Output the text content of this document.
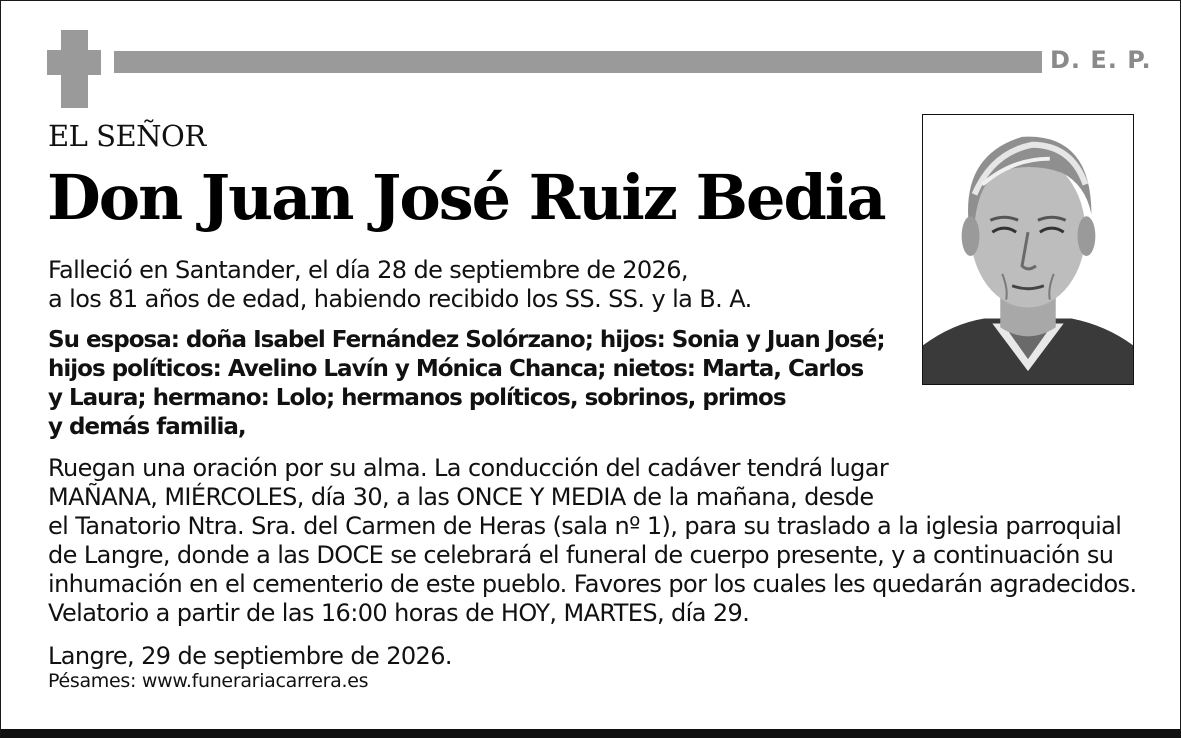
D. E. P.
EL SEÑOR
Don Juan José Ruiz Bedia
Falleció en Santander, el día 28 de septiembre de 2026,
a los 81 años de edad, habiendo recibido los SS. SS. y la B. A.
Su esposa: doña Isabel Fernández Solórzano; hijos: Sonia y Juan José;
hijos políticos: Avelino Lavín y Mónica Chanca; nietos: Marta, Carlos
y Laura; hermano: Lolo; hermanos políticos, sobrinos, primos
y demás familia,
Ruegan una oración por su alma. La conducción del cadáver tendrá lugar
MAÑANA, MIÉRCOLES, día 30, a las ONCE Y MEDIA de la mañana, desde
el Tanatorio Ntra. Sra. del Carmen de Heras (sala nº 1), para su traslado a la iglesia parroquial
de Langre, donde a las DOCE se celebrará el funeral de cuerpo presente, y a continuación su
inhumación en el cementerio de este pueblo. Favores por los cuales les quedarán agradecidos.
Velatorio a partir de las 16:00 horas de HOY, MARTES, día 29.
Langre, 29 de septiembre de 2026.
Pésames: www.funerariacarrera.es
